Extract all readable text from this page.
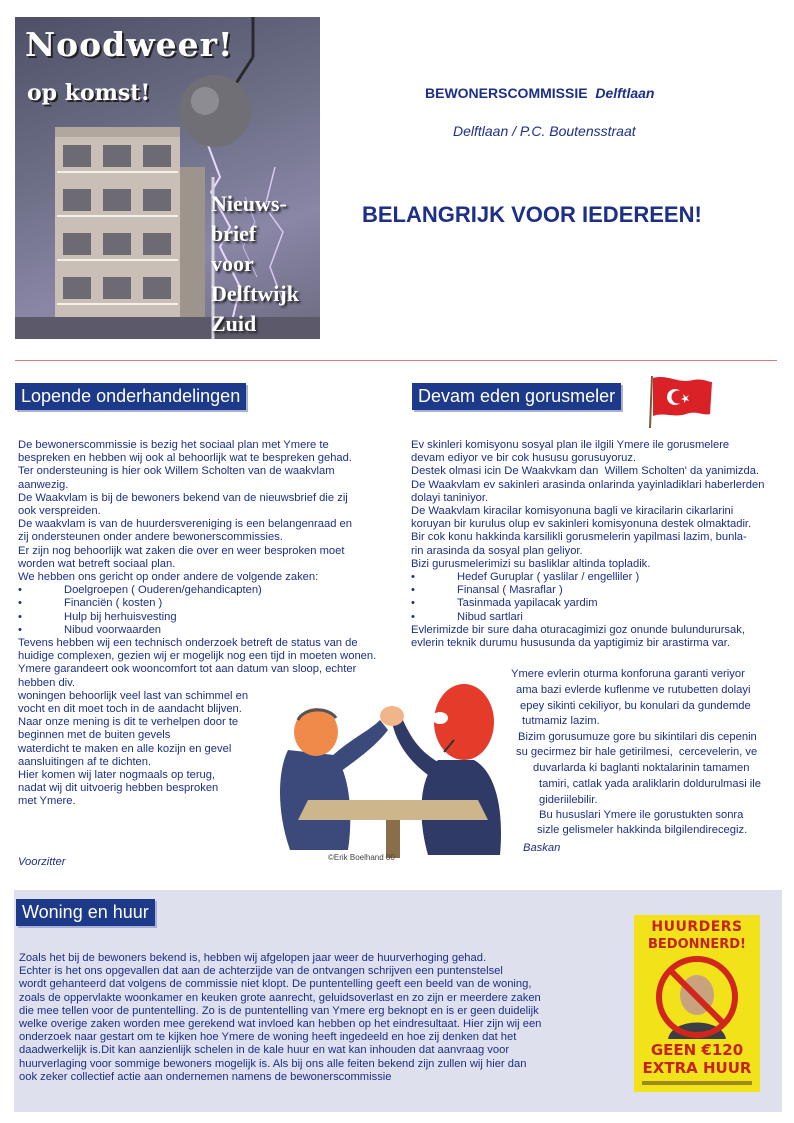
Noodweer!
op komst!
Nieuws-
brief
voor
Delftwijk
Zuid
BEWONERSCOMMISSIE Delftlaan
Delftlaan / P.C. Boutensstraat
BELANGRIJK VOOR IEDEREEN!
Lopende onderhandelingen

De bewonerscommissie is bezig het sociaal plan met Ymere te

bespreken en hebben wij ook al behoorlijk wat te bespreken gehad.

Ter ondersteuning is hier ook Willem Scholten van de waakvlam

aanwezig.

De Waakvlam is bij de bewoners bekend van de nieuwsbrief die zij

ook verspreiden.

De waakvlam is van de huurdersvereniging is een belangenraad en

zij ondersteunen onder andere bewonerscommissies.

Er zijn nog behoorlijk wat zaken die over en weer besproken moet

worden wat betreft sociaal plan.

We hebben ons gericht op onder andere de volgende zaken:

•	Doelgroepen ( Ouderen/gehandicapten)
•	Financiën ( kosten )
•	Hulp bij herhuisvesting
•	Nibud voorwaarden

Tevens hebben wij een technisch onderzoek betreft de status van de

huidige complexen, gezien wij er mogelijk nog een tijd in moeten wonen.

Ymere garandeert ook wooncomfort tot aan datum van sloop, echter

hebben div.

woningen behoorlijk veel last van schimmel en

vocht en dit moet toch in de aandacht blijven.

Naar onze mening is dit te verhelpen door te

beginnen met de buiten gevels

waterdicht te maken en alle kozijn en gevel

aansluitingen af te dichten.

Hier komen wij later nogmaals op terug,

nadat wij dit uitvoerig hebben besproken

met Ymere.

Voorzitter
Devam eden gorusmeler

Ev skinleri komisyonu sosyal plan ile ilgili Ymere ile gorusmelere

devam ediyor ve bir cok hususu gorusuyoruz.

Destek olmasi icin De Waakvkam dan  Willem Scholten' da yanimizda.

De Waakvlam ev sakinleri arasinda onlarinda yayinladiklari haberlerden

dolayi taniniyor.

De Waakvlam kiracilar komisyonuna bagli ve kiracilarin cikarlarini

koruyan bir kurulus olup ev sakinleri komisyonuna destek olmaktadir.

Bir cok konu hakkinda karsilikli gorusmelerin yapilmasi lazim, bunla-

rin arasinda da sosyal plan geliyor.

Bizi gurusmelerimizi su basliklar altinda topladik.

•	Hedef Guruplar ( yaslilar / engelliler )
•	Finansal ( Masraflar )
•	Tasinmada yapilacak yardim
•	Nibud sartlari

Evlerimizde bir sure daha oturacagimizi goz onunde bulundurursak,

evlerin teknik durumu hususunda da yaptigimiz bir arastirma var.

Ymere evlerin oturma konforuna garanti veriyor

ama bazi evlerde kuflenme ve rutubetten dolayi

epey sikinti cekiliyor, bu konulari da gundemde

tutmamiz lazim.

Bizim gorusumuze gore bu sikintilari dis cepenin

su gecirmez bir hale getirilmesi,  cercevelerin, ve

duvarlarda ki baglanti noktalarinin tamamen

tamiri, catlak yada araliklarin doldurulmasi ile

gideriilebilir.

Bu hususlari Ymere ile gorustukten sonra

sizle gelismeler hakkinda bilgilendirecegiz.

Baskan
©Erik Boelhand 00
Woning en huur

Zoals het bij de bewoners bekend is, hebben wij afgelopen jaar weer de huurverhoging gehad.

Echter is het ons opgevallen dat aan de achterzijde van de ontvangen schrijven een puntenstelsel

wordt gehanteerd dat volgens de commissie niet klopt. De puntentelling geeft een beeld van de woning,

zoals de oppervlakte woonkamer en keuken grote aanrecht, geluidsoverlast en zo zijn er meerdere zaken

die mee tellen voor de puntentelling. Zo is de puntentelling van Ymere erg beknopt en is er geen duidelijk

welke overige zaken worden mee gerekend wat invloed kan hebben op het eindresultaat. Hier zijn wij een

onderzoek naar gestart om te kijken hoe Ymere de woning heeft ingedeeld en hoe zij denken dat het

daadwerkelijk is.Dit kan aanzienlijk schelen in de kale huur en wat kan inhouden dat aanvraag voor

huurverlaging voor sommige bewoners mogelijk is. Als bij ons alle feiten bekend zijn zullen wij hier dan

ook zeker collectief actie aan ondernemen namens de bewonerscommissie

HUURDERS
BEDONNERD!
GEEN €120
EXTRA HUUR
